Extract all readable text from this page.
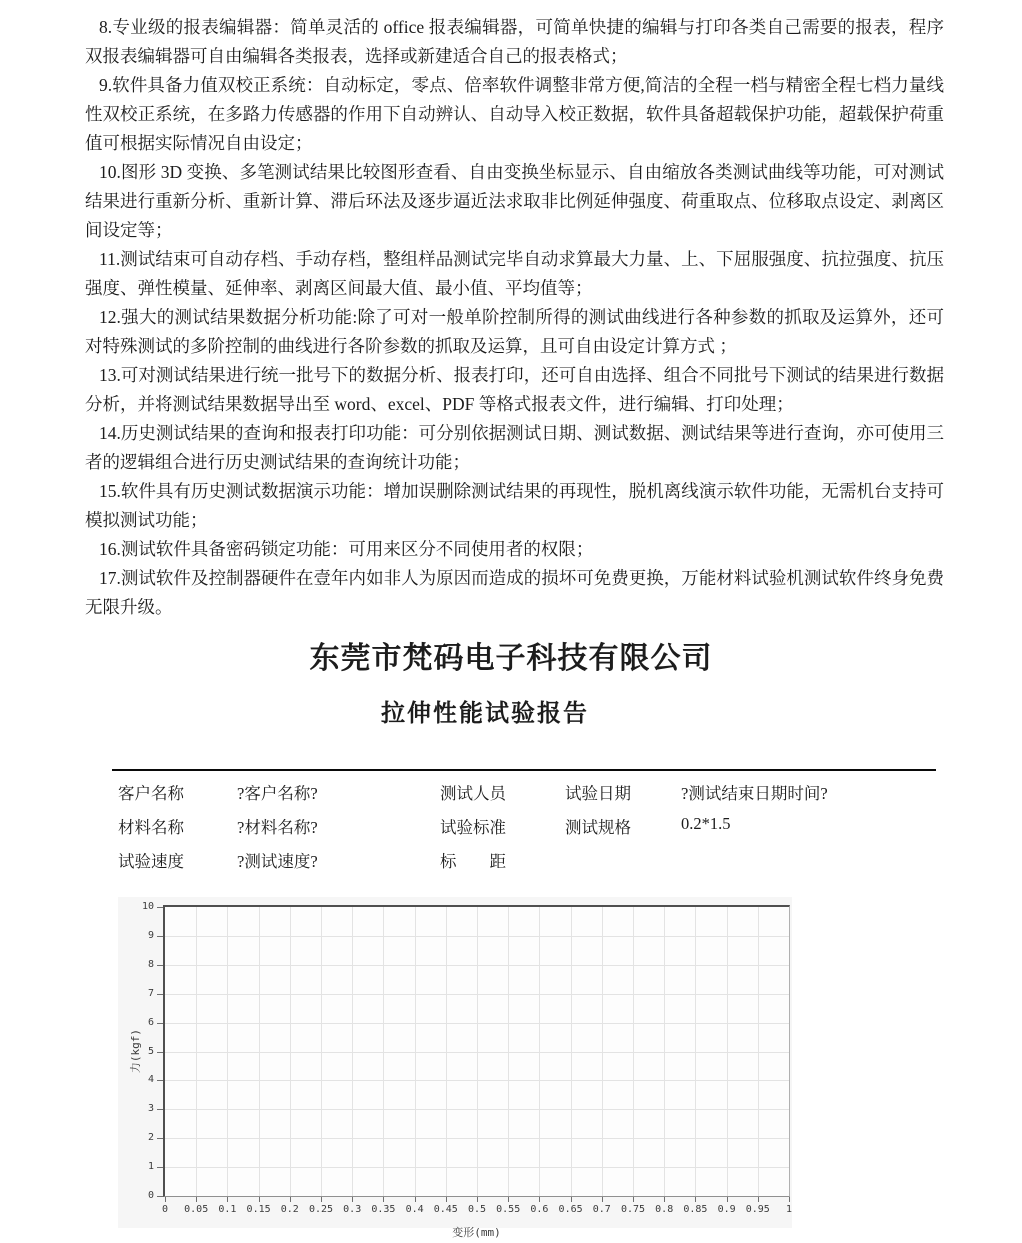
8.专业级的报表编辑器：简单灵活的 office 报表编辑器，可简单快捷的编辑与打印各类自己需要的报表，程序双报表编辑器可自由编辑各类报表，选择或新建适合自己的报表格式；

9.软件具备力值双校正系统：自动标定，零点、倍率软件调整非常方便,简洁的全程一档与精密全程七档力量线性双校正系统，在多路力传感器的作用下自动辨认、自动导入校正数据，软件具备超载保护功能，超载保护荷重值可根据实际情况自由设定；

10.图形 3D 变换、多笔测试结果比较图形查看、自由变换坐标显示、自由缩放各类测试曲线等功能，可对测试结果进行重新分析、重新计算、滞后环法及逐步逼近法求取非比例延伸强度、荷重取点、位移取点设定、剥离区间设定等；

11.测试结束可自动存档、手动存档，整组样品测试完毕自动求算最大力量、上、下屈服强度、抗拉强度、抗压强度、弹性模量、延伸率、剥离区间最大值、最小值、平均值等；

12.强大的测试结果数据分析功能:除了可对一般单阶控制所得的测试曲线进行各种参数的抓取及运算外，还可对特殊测试的多阶控制的曲线进行各阶参数的抓取及运算，且可自由设定计算方式 ；

13.可对测试结果进行统一批号下的数据分析、报表打印，还可自由选择、组合不同批号下测试的结果进行数据分析，并将测试结果数据导出至 word、excel、PDF 等格式报表文件，进行编辑、打印处理；

14.历史测试结果的查询和报表打印功能：可分别依据测试日期、测试数据、测试结果等进行查询，亦可使用三者的逻辑组合进行历史测试结果的查询统计功能；

15.软件具有历史测试数据演示功能：增加误删除测试结果的再现性，脱机离线演示软件功能，无需机台支持可模拟测试功能；

16.测试软件具备密码锁定功能：可用来区分不同使用者的权限；

17.测试软件及控制器硬件在壹年内如非人为原因而造成的损坏可免费更换，万能材料试验机测试软件终身免费无限升级。

东莞市梵码电子科技有限公司
拉伸性能试验报告
客户名称	?客户名称?	测试人员	试验日期	?测试结束日期时间?
材料名称	?材料名称?	试验标准	测试规格	0.2*1.5
试验速度	?测试速度?	标　　距
力(kgf)
0 0.05 0.1 0.15 0.2 0.25 0.3 0.35 0.4 0.45 0.5 0.55 0.6 0.65 0.7 0.75 0.8 0.85 0.9 0.95 1
0
1
2
3
4
5
6
7
8
9
10
变形(mm)
